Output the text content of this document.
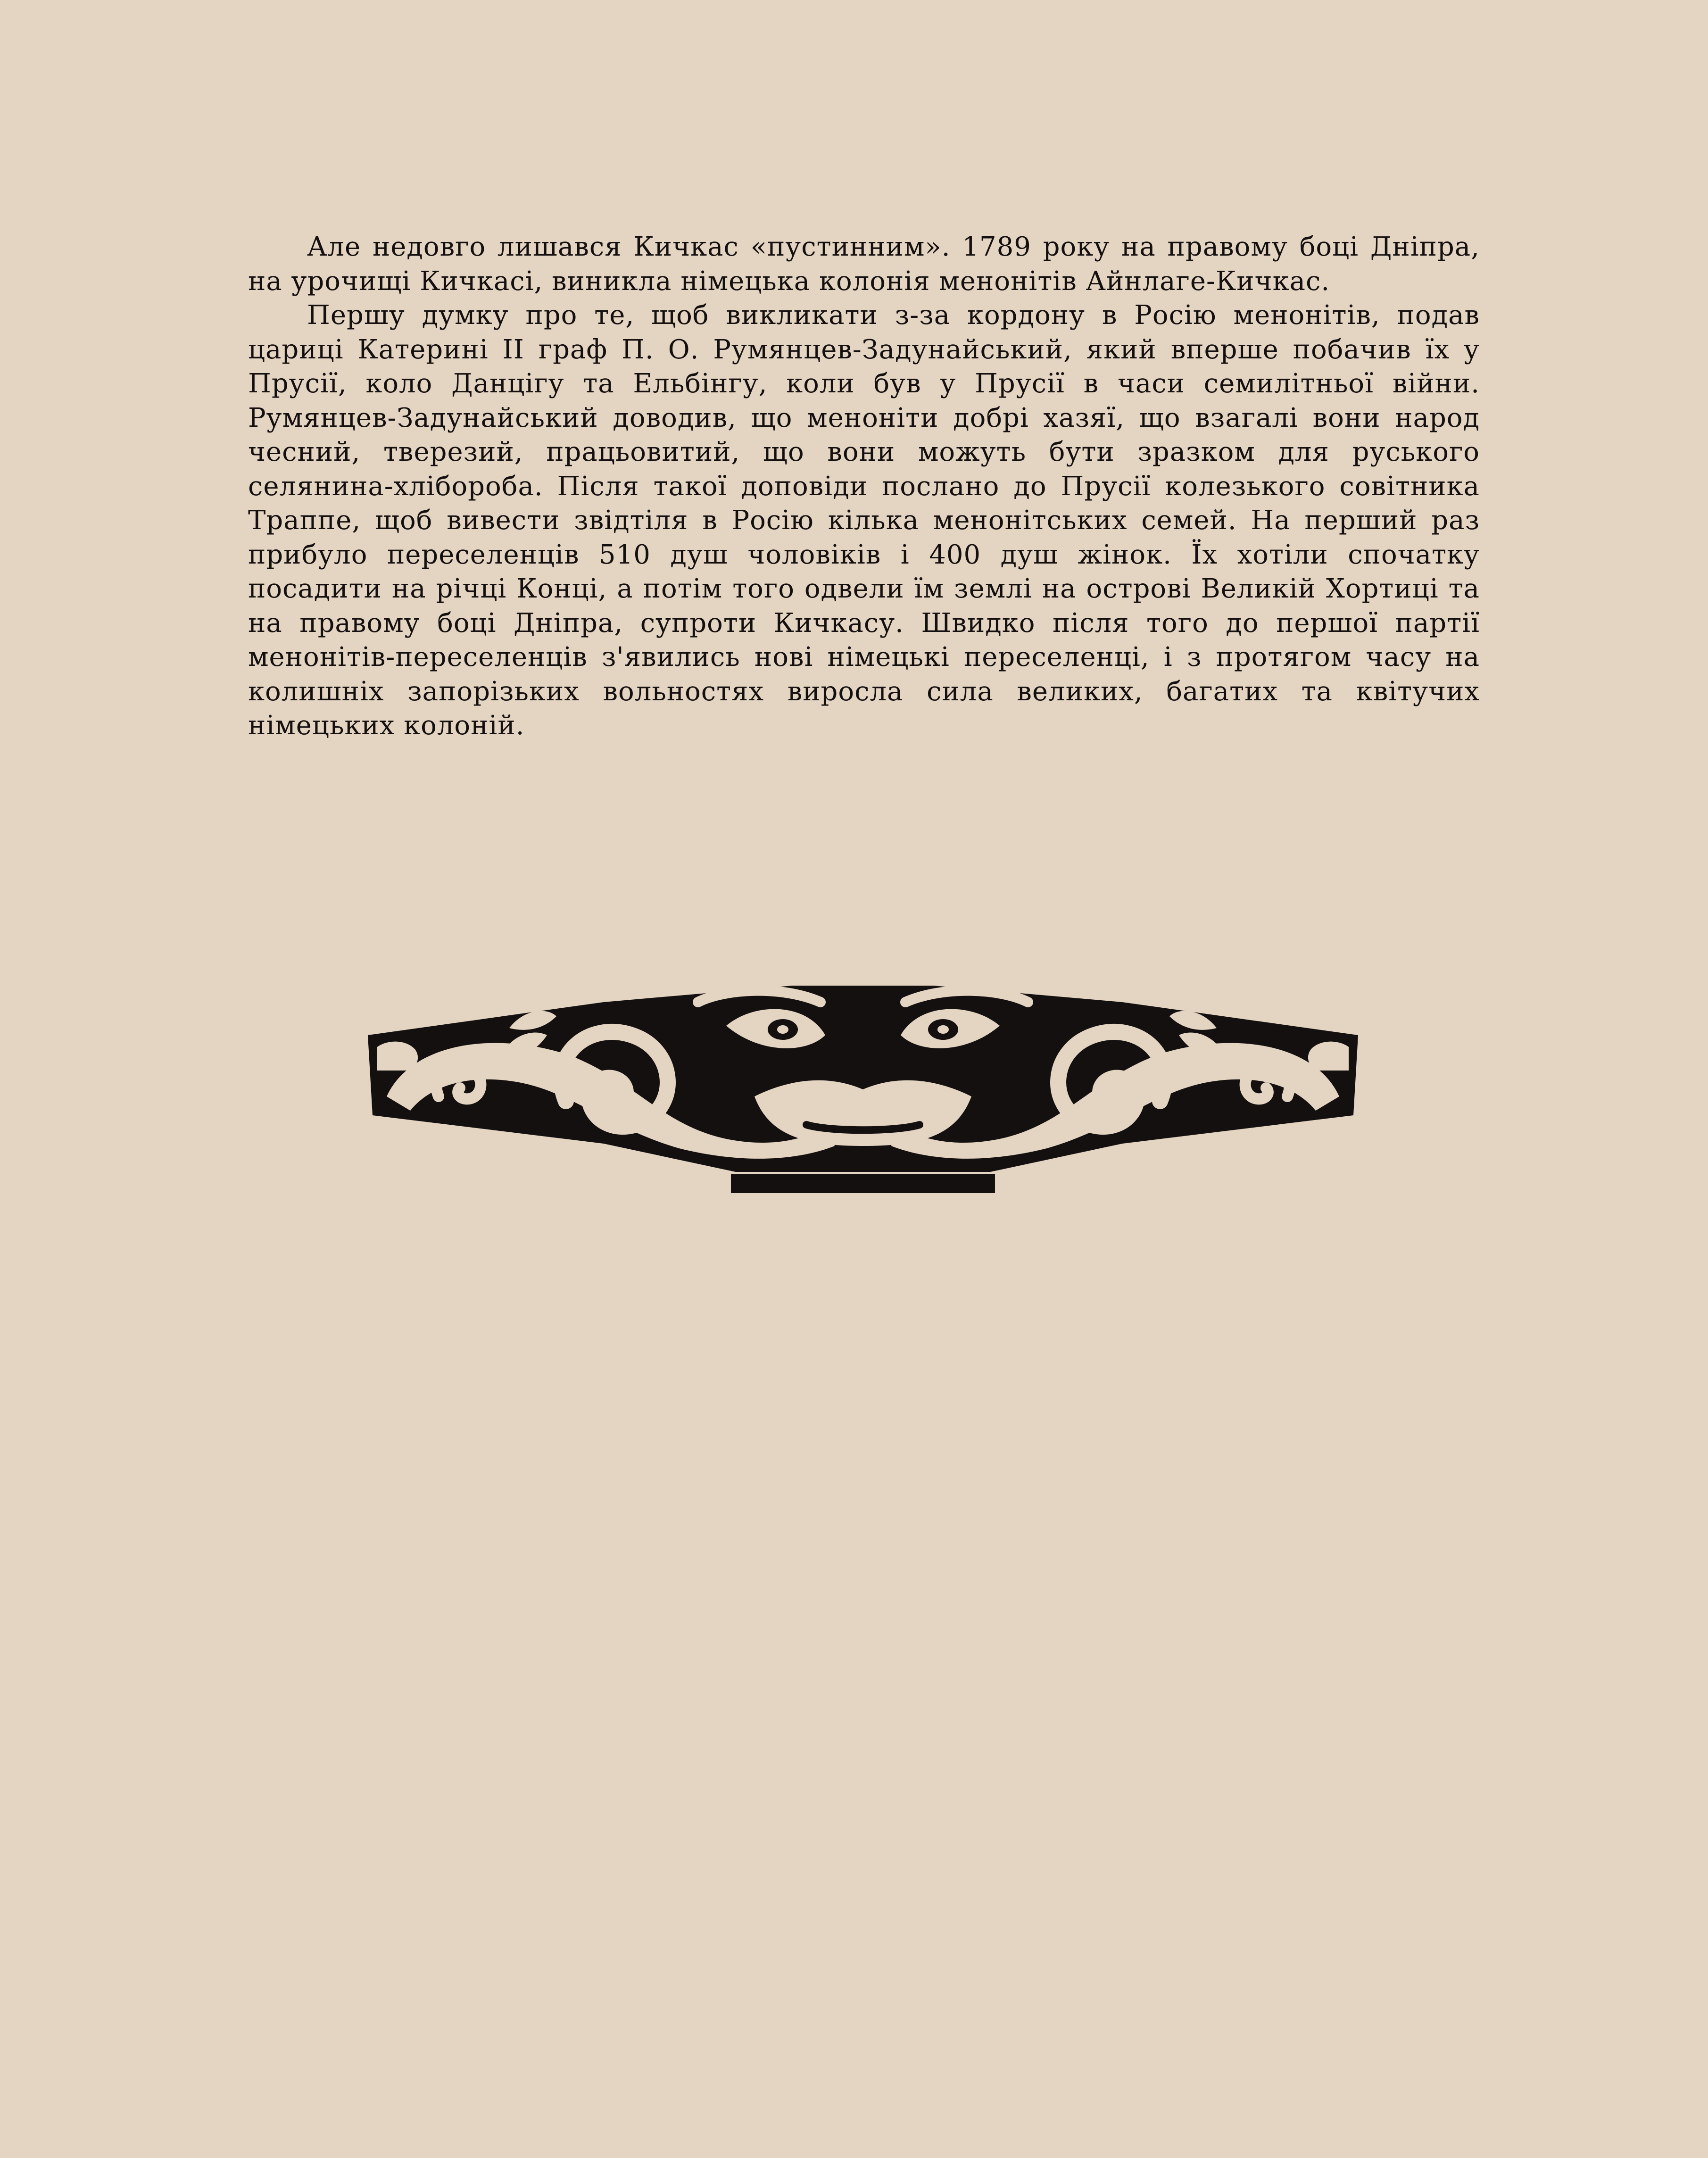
Але недовго лишався Кичкас «пустинним». 1789 року на правому боці Дніпра, на урочищі Кичкасі, виникла німецька колонія менонітів Айнлаге-Кичкас.

Першу думку про те, щоб викликати з-за кордону в Росію менонітів, подав цариці Катерині II граф П. О. Румянцев-Задунайський, який вперше побачив їх у Прусії, коло Данцігу та Ельбінгу, коли був у Прусії в часи семилітньої війни. Румянцев-Задунайський доводив, що меноніти добрі хазяї, що взагалі вони народ чесний, тверезий, працьовитий, що вони можуть бути зразком для руського селянина-хлібороба. Після такої доповіди послано до Прусії колезького совітника Траппе, щоб вивести звідтіля в Росію кілька менонітських семей. На перший раз прибуло переселенців 510 душ чоловіків і 400 душ жінок. Їх хотіли спочатку посадити на річці Конці, а потім того одвели їм землі на острові Великій Хортиці та на правому боці Дніпра, супроти Кичкасу. Швидко після того до першої партії менонітів-переселенців з'явились нові німецькі переселенці, і з протягом часу на колишніх запорізьких вольностях виросла сила великих, багатих та квітучих німецьких колоній.
